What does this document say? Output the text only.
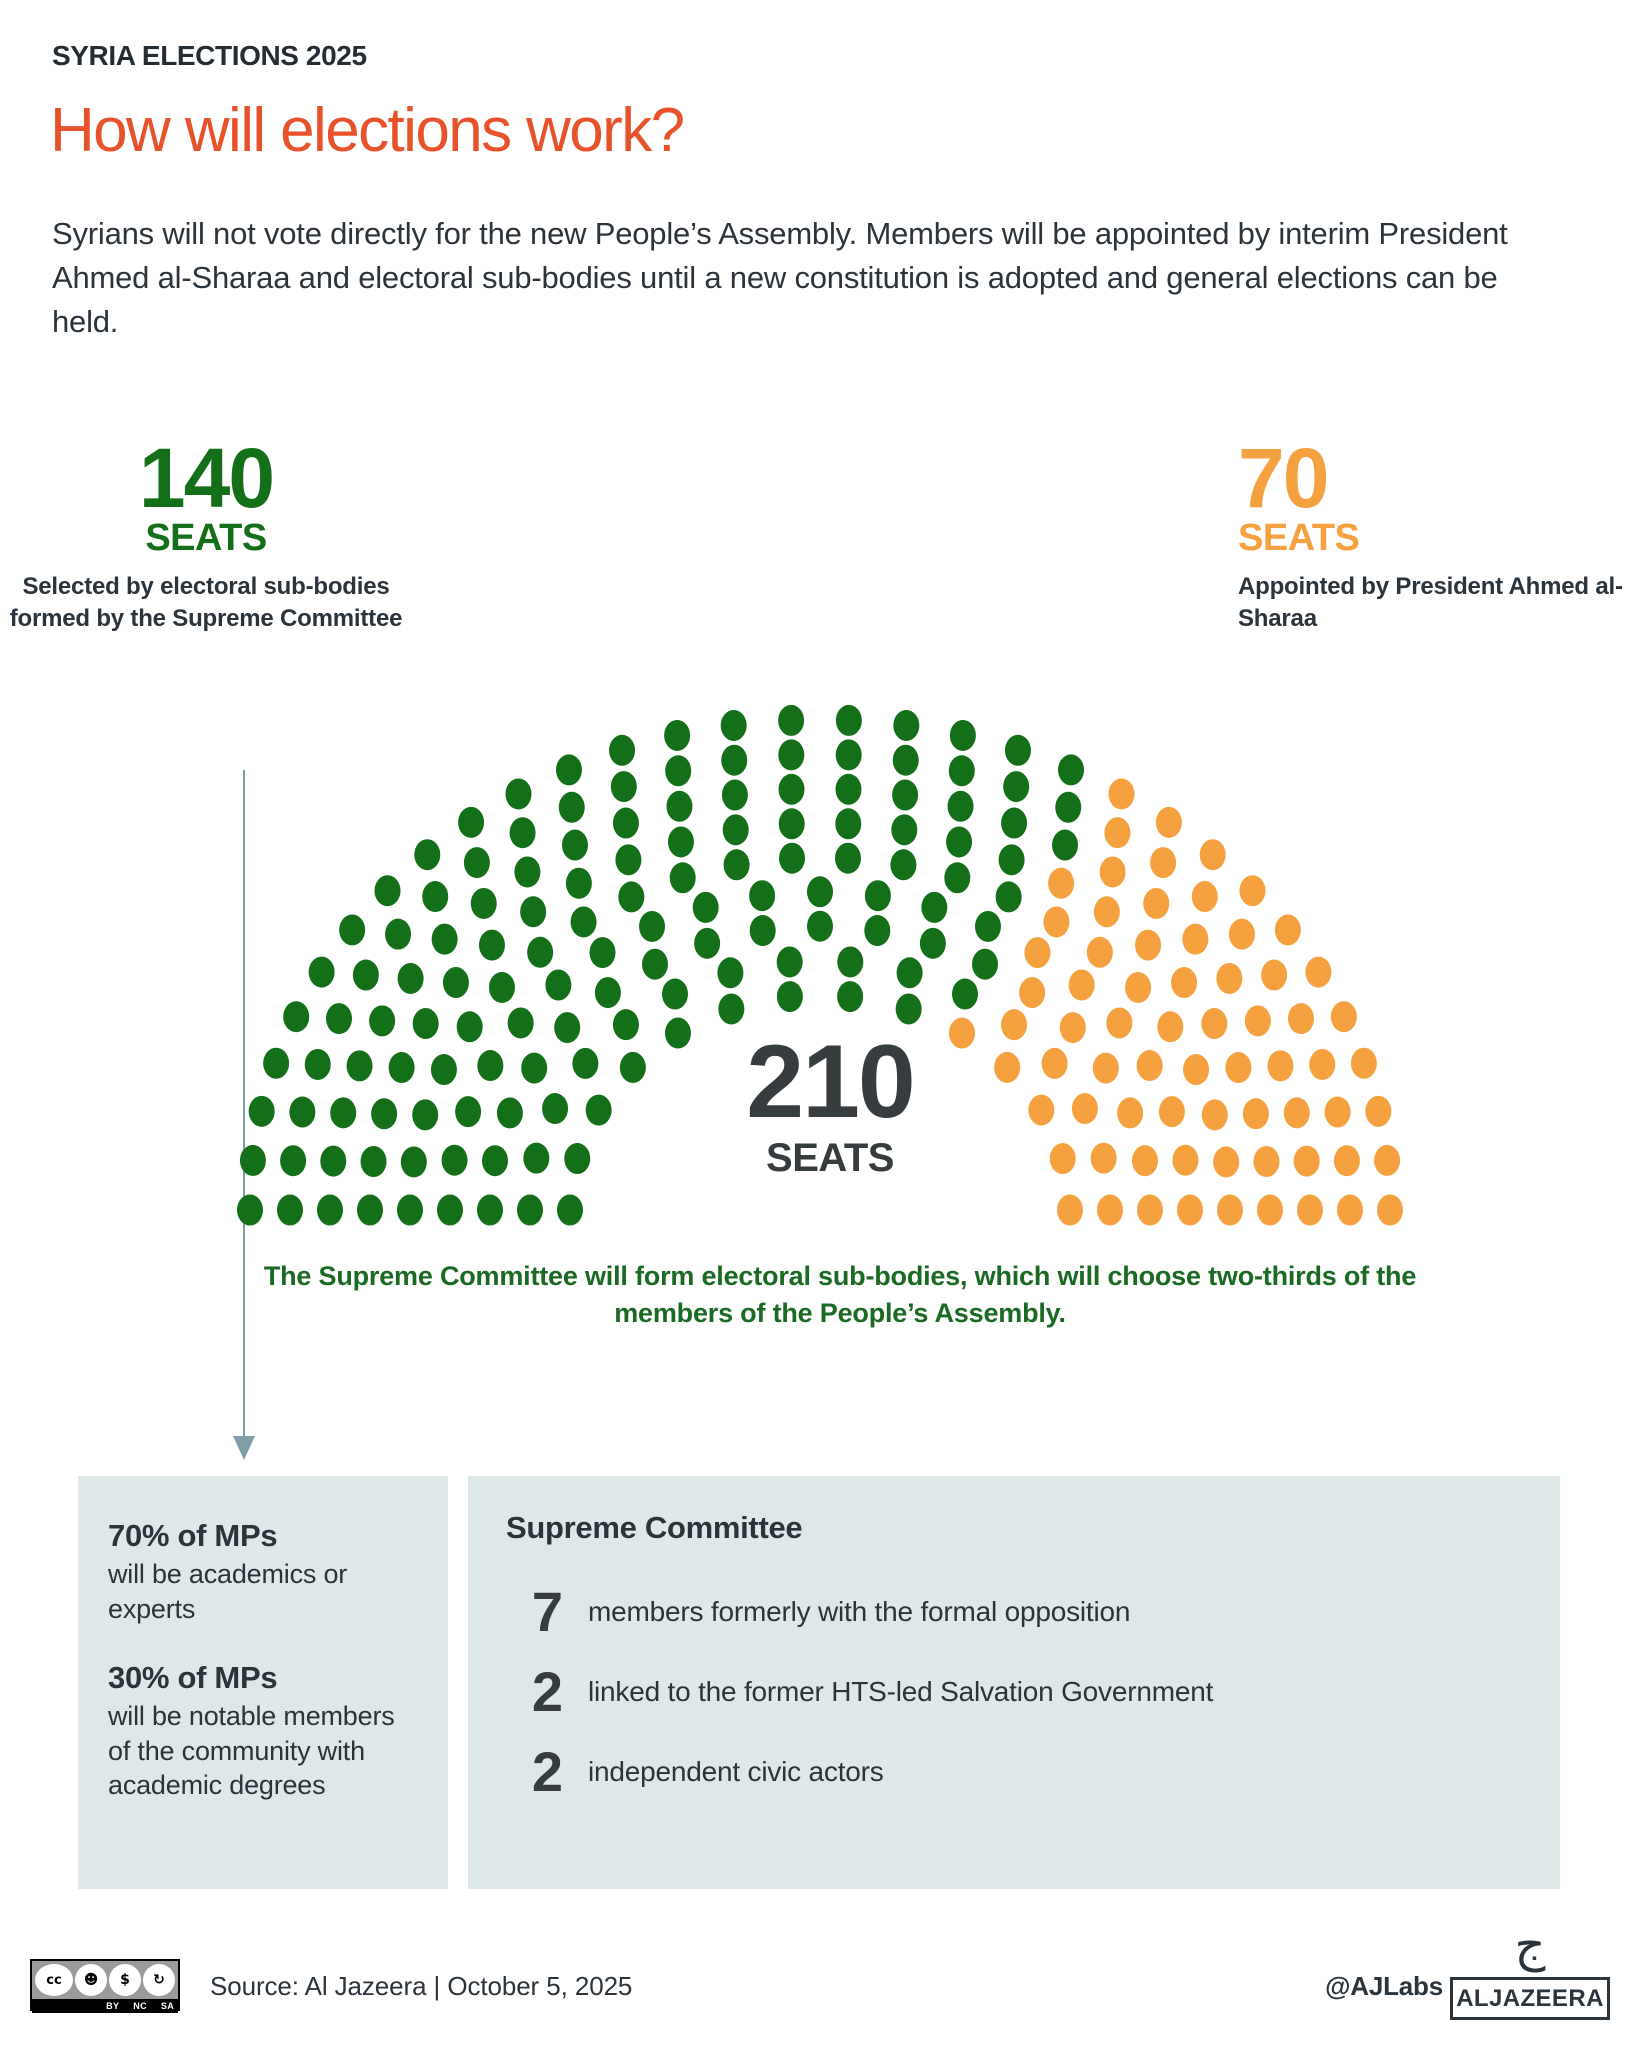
SYRIA ELECTIONS 2025
How will elections work?
Syrians will not vote directly for the new People’s Assembly. Members will be appointed by interim President Ahmed al-Sharaa and electoral sub-bodies until a new constitution is adopted and general elections can be held.
140
SEATS
Selected by electoral sub-bodies formed by the Supreme Committee
70
SEATS
Appointed by President Ahmed al-Sharaa
210
SEATS
The Supreme Committee will form electoral sub-bodies, which will choose two-thirds of the members of the People’s Assembly.
70% of MPs
will be academics or experts
30% of MPs
will be notable members of the community with academic degrees
Supreme Committee
7 members formerly with the formal opposition
2 linked to the former HTS-led Salvation Government
2 independent civic actors
cc	☻	$	↻
BY NC SA
Source: Al Jazeera | October 5, 2025	@AJLabs
ج
ALJAZEERA
